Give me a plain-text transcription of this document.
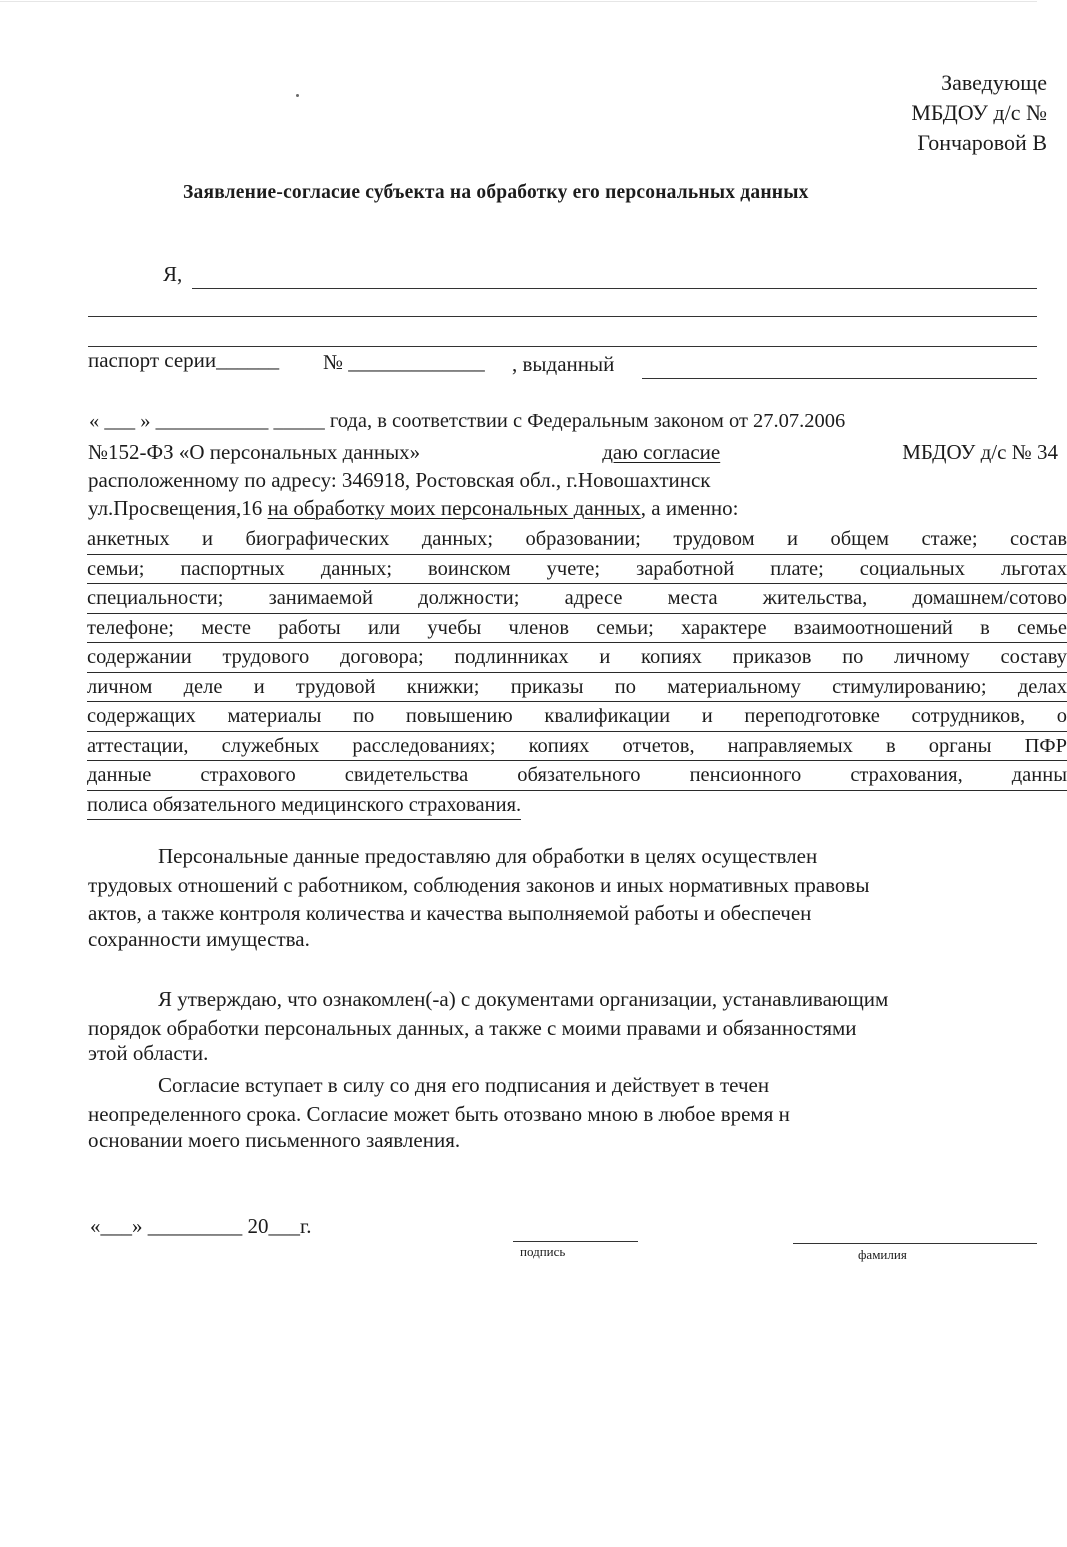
Заведующе
МБДОУ д/с №
Гончаровой В
Заявление-согласие субъекта на обработку его персональных данных
Я,
паспорт серии______ № _____________ , выданный
« ___ » ___________ _____ года, в соответствии с Федеральным законом от 27.07.2006
№152-ФЗ «О персональных данных»	даю согласие	МБДОУ д/с № 34
расположенному по адресу: 346918, Ростовская обл., г.Новошахтинск
ул.Просвещения,16 на обработку моих персональных данных, а именно:
анкетных и биографических данных; образовании; трудовом и общем стаже; состав
семьи; паспортных данных; воинском учете; заработной плате; социальных льготах
специальности; занимаемой должности; адресе места жительства, домашнем/сотово
телефоне; месте работы или учебы членов семьи; характере взаимоотношений в семье
содержании трудового договора; подлинниках и копиях приказов по личному составу
личном деле и трудовой книжки; приказы по материальному стимулированию; делах
содержащих материалы по повышению квалификации и переподготовке сотрудников, о
аттестации, служебных расследованиях; копиях отчетов, направляемых в органы ПФР
данные страхового свидетельства обязательного пенсионного страхования, данны
полиса обязательного медицинского страхования.
Персональные данные предоставляю для обработки в целях осуществлен
трудовых отношений с работником, соблюдения законов и иных нормативных правовы
актов, а также контроля количества и качества выполняемой работы и обеспечен
сохранности имущества.
Я утверждаю, что ознакомлен(-а) с документами организации, устанавливающим
порядок обработки персональных данных, а также с моими правами и обязанностями
этой области.
Согласие вступает в силу со дня его подписания и действует в течен
неопределенного срока. Согласие может быть отозвано мною в любое время н
основании моего письменного заявления.
«___» _________ 20___г.
подпись	фамилия
